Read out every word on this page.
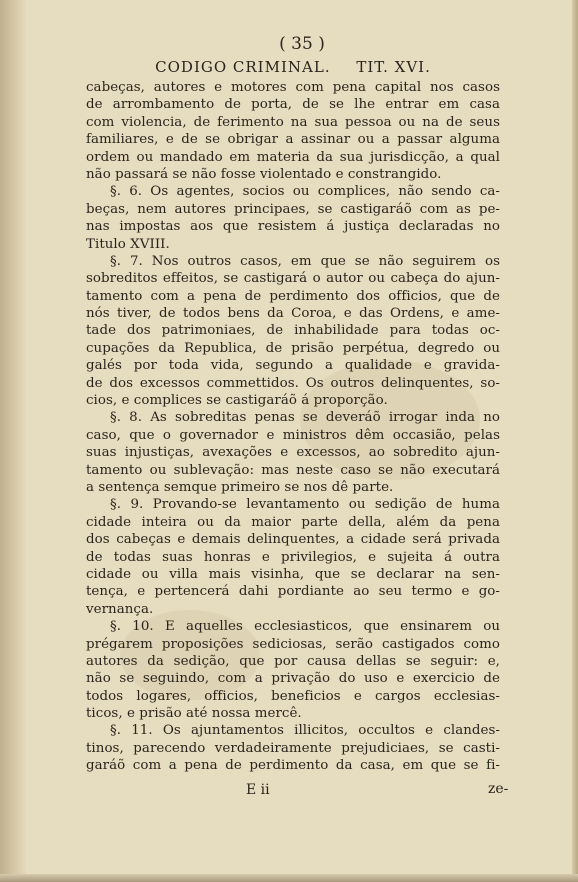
( 35 )
CODIGO CRIMINAL. TIT. XVI.
cabeças, autores e motores com pena capital nos casos
de arrombamento de porta, de se lhe entrar em casa
com violencia, de ferimento na sua pessoa ou na de seus
familiares, e de se obrigar a assinar ou a passar alguma
ordem ou mandado em materia da sua jurisdicção, a qual
não passará se não fosse violentado e constrangido.
§. 6. Os agentes, socios ou complices, não sendo ca-
beças, nem autores principaes, se castigaráõ com as pe-
nas impostas aos que resistem á justiça declaradas no
Titulo XVIII.
§. 7. Nos outros casos, em que se não seguirem os
sobreditos effeitos, se castigará o autor ou cabeça do ajun-
tamento com a pena de perdimento dos officios, que de
nós tiver, de todos bens da Coroa, e das Ordens, e ame-
tade dos patrimoniaes, de inhabilidade para todas oc-
cupações da Republica, de prisão perpétua, degredo ou
galés por toda vida, segundo a qualidade e gravida-
de dos excessos commettidos. Os outros delinquentes, so-
cios, e complices se castigaráõ á proporção.
§. 8. As sobreditas penas se deveráõ irrogar inda no
caso, que o governador e ministros dêm occasião, pelas
suas injustiças, avexações e excessos, ao sobredito ajun-
tamento ou sublevação: mas neste caso se não executará
a sentença semque primeiro se nos dê parte.
§. 9. Provando-se levantamento ou sedição de huma
cidade inteira ou da maior parte della, além da pena
dos cabeças e demais delinquentes, a cidade será privada
de todas suas honras e privilegios, e sujeita á outra
cidade ou villa mais visinha, que se declarar na sen-
tença, e pertencerá dahi pordiante ao seu termo e go-
vernança.
§. 10. E aquelles ecclesiasticos, que ensinarem ou
prégarem proposições sediciosas, serão castigados como
autores da sedição, que por causa dellas se seguir: e,
não se seguindo, com a privação do uso e exercicio de
todos logares, officios, beneficios e cargos ecclesias-
ticos, e prisão até nossa mercê.
§. 11. Os ajuntamentos illicitos, occultos e clandes-
tinos, parecendo verdadeiramente prejudiciaes, se casti-
garáõ com a pena de perdimento da casa, em que se fi-
E ii	ze-
